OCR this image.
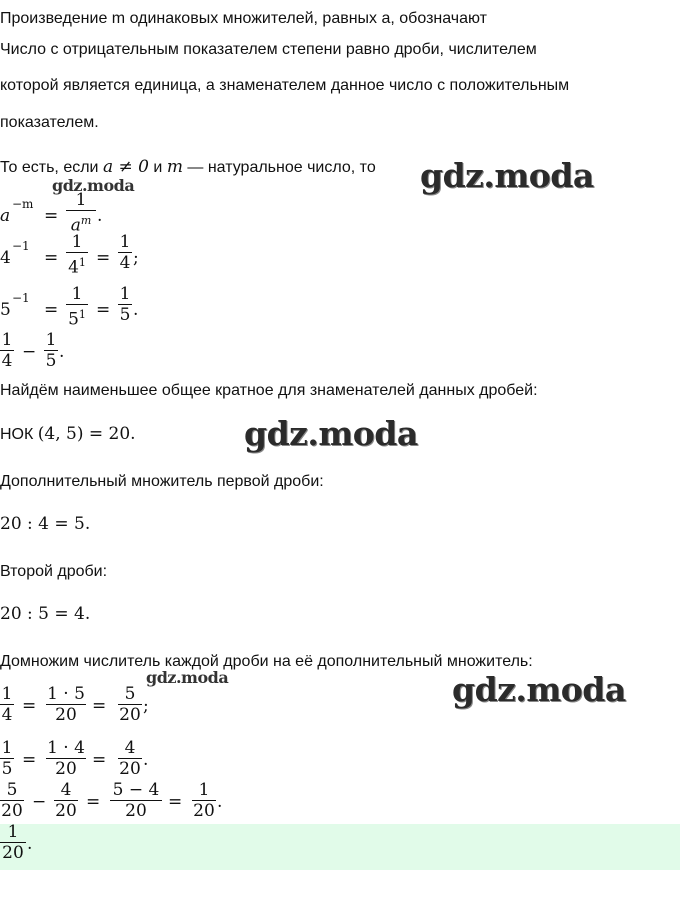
Произведение m одинаковых множителей, равных a, обозначают
Число с отрицательным показателем степени равно дроби, числителем
которой является единица, а знаменателем данное число с положительным
показателем.
То есть, если a ≠ 0 и m — натуральное число, то gdz.moda
gdz.moda
gdz.moda
gdz.moda	gdz.moda
a
−m
=
1
$a^m$ .
4
−1
=
1
$4^1$ =
1
4 ;
5
−1
=
1
$5^1$ =
1
5 .
1
4 −
1
5 .
Найдём наименьшее общее кратное для знаменателей данных дробей:
НОК (4, 5) = 20.
Дополнительный множитель первой дроби:
20 : 4 = 5.
Второй дроби:
20 : 5 = 4.
Домножим числитель каждой дроби на её дополнительный множитель:
1
4 =
1 · 5
20 =
5
20 ;
1
5 =
1 · 4
20 =
4
20 .
5
20 −
4
20 =
5 − 4
20	=
1
20 .
1
20 .
